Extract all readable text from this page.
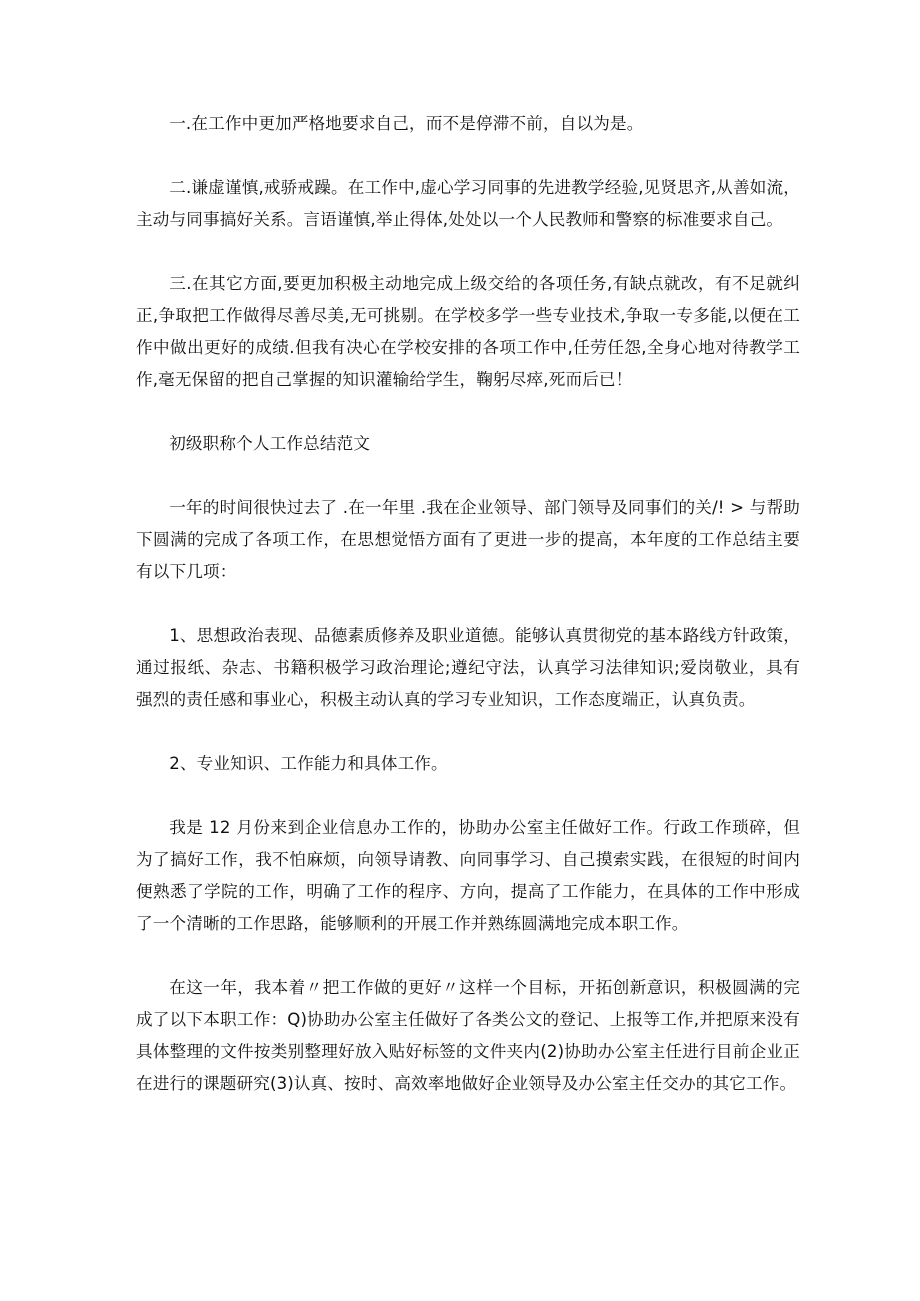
一.在工作中更加严格地要求自己，而不是停滞不前，自以为是。

二.谦虚谨慎,戒骄戒躁。在工作中,虚心学习同事的先进教学经验,见贤思齐,从善如流，主动与同事搞好关系。言语谨慎,举止得体,处处以一个人民教师和警察的标准要求自己。

三.在其它方面,要更加积极主动地完成上级交给的各项任务,有缺点就改，有不足就纠正,争取把工作做得尽善尽美,无可挑剔。在学校多学一些专业技术,争取一专多能,以便在工作中做出更好的成绩.但我有决心在学校安排的各项工作中,任劳任怨,全身心地对待教学工作,毫无保留的把自己掌握的知识灌输给学生，鞠躬尽瘁,死而后已！

初级职称个人工作总结范文

一年的时间很快过去了 .在一年里 .我在企业领导、部门领导及同事们的关/! > 与帮助下圆满的完成了各项工作，在思想觉悟方面有了更进一步的提高，本年度的工作总结主要有以下几项：

1、思想政治表现、品德素质修养及职业道德。能够认真贯彻党的基本路线方针政策，通过报纸、杂志、书籍积极学习政治理论;遵纪守法，认真学习法律知识;爱岗敬业，具有强烈的责任感和事业心，积极主动认真的学习专业知识，工作态度端正，认真负责。

2、专业知识、工作能力和具体工作。

我是 12 月份来到企业信息办工作的，协助办公室主任做好工作。行政工作琐碎，但为了搞好工作，我不怕麻烦，向领导请教、向同事学习、自己摸索实践，在很短的时间内便熟悉了学院的工作，明确了工作的程序、方向，提高了工作能力，在具体的工作中形成了一个清晰的工作思路，能够顺利的开展工作并熟练圆满地完成本职工作。

在这一年，我本着〃把工作做的更好〃这样一个目标，开拓创新意识，积极圆满的完成了以下本职工作：Q)协助办公室主任做好了各类公文的登记、上报等工作,并把原来没有具体整理的文件按类别整理好放入贴好标签的文件夹内(2)协助办公室主任进行目前企业正在进行的课题研究(3)认真、按时、高效率地做好企业领导及办公室主任交办的其它工作。
